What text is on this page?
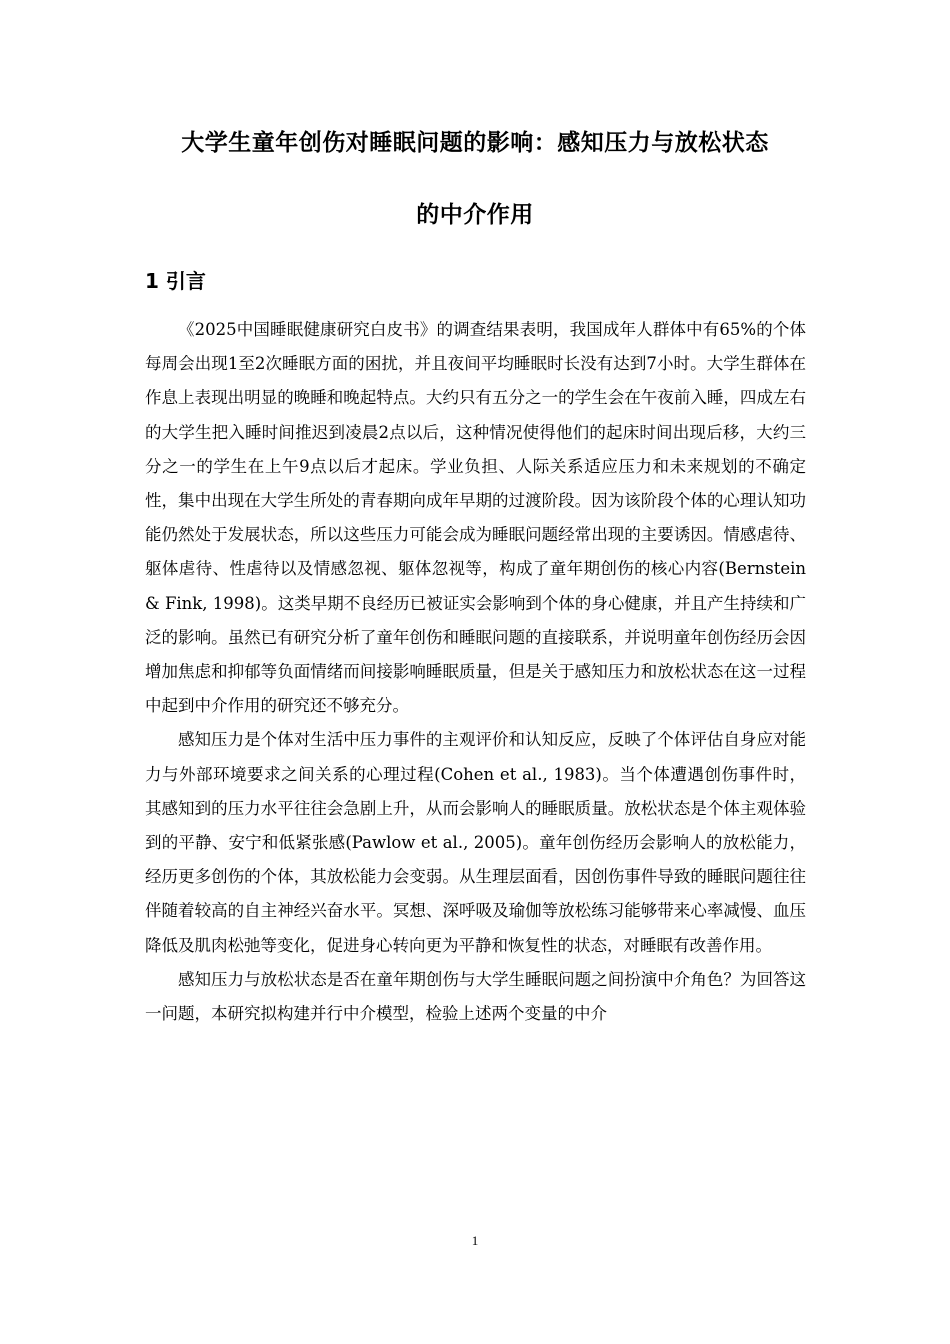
大学生童年创伤对睡眠问题的影响：感知压力与放松状态
的中介作用
1 引言

《2025中国睡眠健康研究白皮书》的调查结果表明，我国成年人群体中有65%的个体每周会出现1至2次睡眠方面的困扰，并且夜间平均睡眠时长没有达到7小时。大学生群体在作息上表现出明显的晚睡和晚起特点。大约只有五分之一的学生会在午夜前入睡，四成左右的大学生把入睡时间推迟到凌晨2点以后，这种情况使得他们的起床时间出现后移，大约三分之一的学生在上午9点以后才起床。学业负担、人际关系适应压力和未来规划的不确定性，集中出现在大学生所处的青春期向成年早期的过渡阶段。因为该阶段个体的心理认知功能仍然处于发展状态，所以这些压力可能会成为睡眠问题经常出现的主要诱因。情感虐待、躯体虐待、性虐待以及情感忽视、躯体忽视等，构成了童年期创伤的核心内容(Bernstein & Fink, 1998)。这类早期不良经历已被证实会影响到个体的身心健康，并且产生持续和广泛的影响。虽然已有研究分析了童年创伤和睡眠问题的直接联系，并说明童年创伤经历会因增加焦虑和抑郁等负面情绪而间接影响睡眠质量，但是关于感知压力和放松状态在这一过程中起到中介作用的研究还不够充分。

感知压力是个体对生活中压力事件的主观评价和认知反应，反映了个体评估自身应对能力与外部环境要求之间关系的心理过程(Cohen et al., 1983)。当个体遭遇创伤事件时，其感知到的压力水平往往会急剧上升，从而会影响人的睡眠质量。放松状态是个体主观体验到的平静、安宁和低紧张感(Pawlow et al., 2005)。童年创伤经历会影响人的放松能力，经历更多创伤的个体，其放松能力会变弱。从生理层面看，因创伤事件导致的睡眠问题往往伴随着较高的自主神经兴奋水平。冥想、深呼吸及瑜伽等放松练习能够带来心率减慢、血压降低及肌肉松弛等变化，促进身心转向更为平静和恢复性的状态，对睡眠有改善作用。

感知压力与放松状态是否在童年期创伤与大学生睡眠问题之间扮演中介角色？为回答这一问题，本研究拟构建并行中介模型，检验上述两个变量的中介

1
